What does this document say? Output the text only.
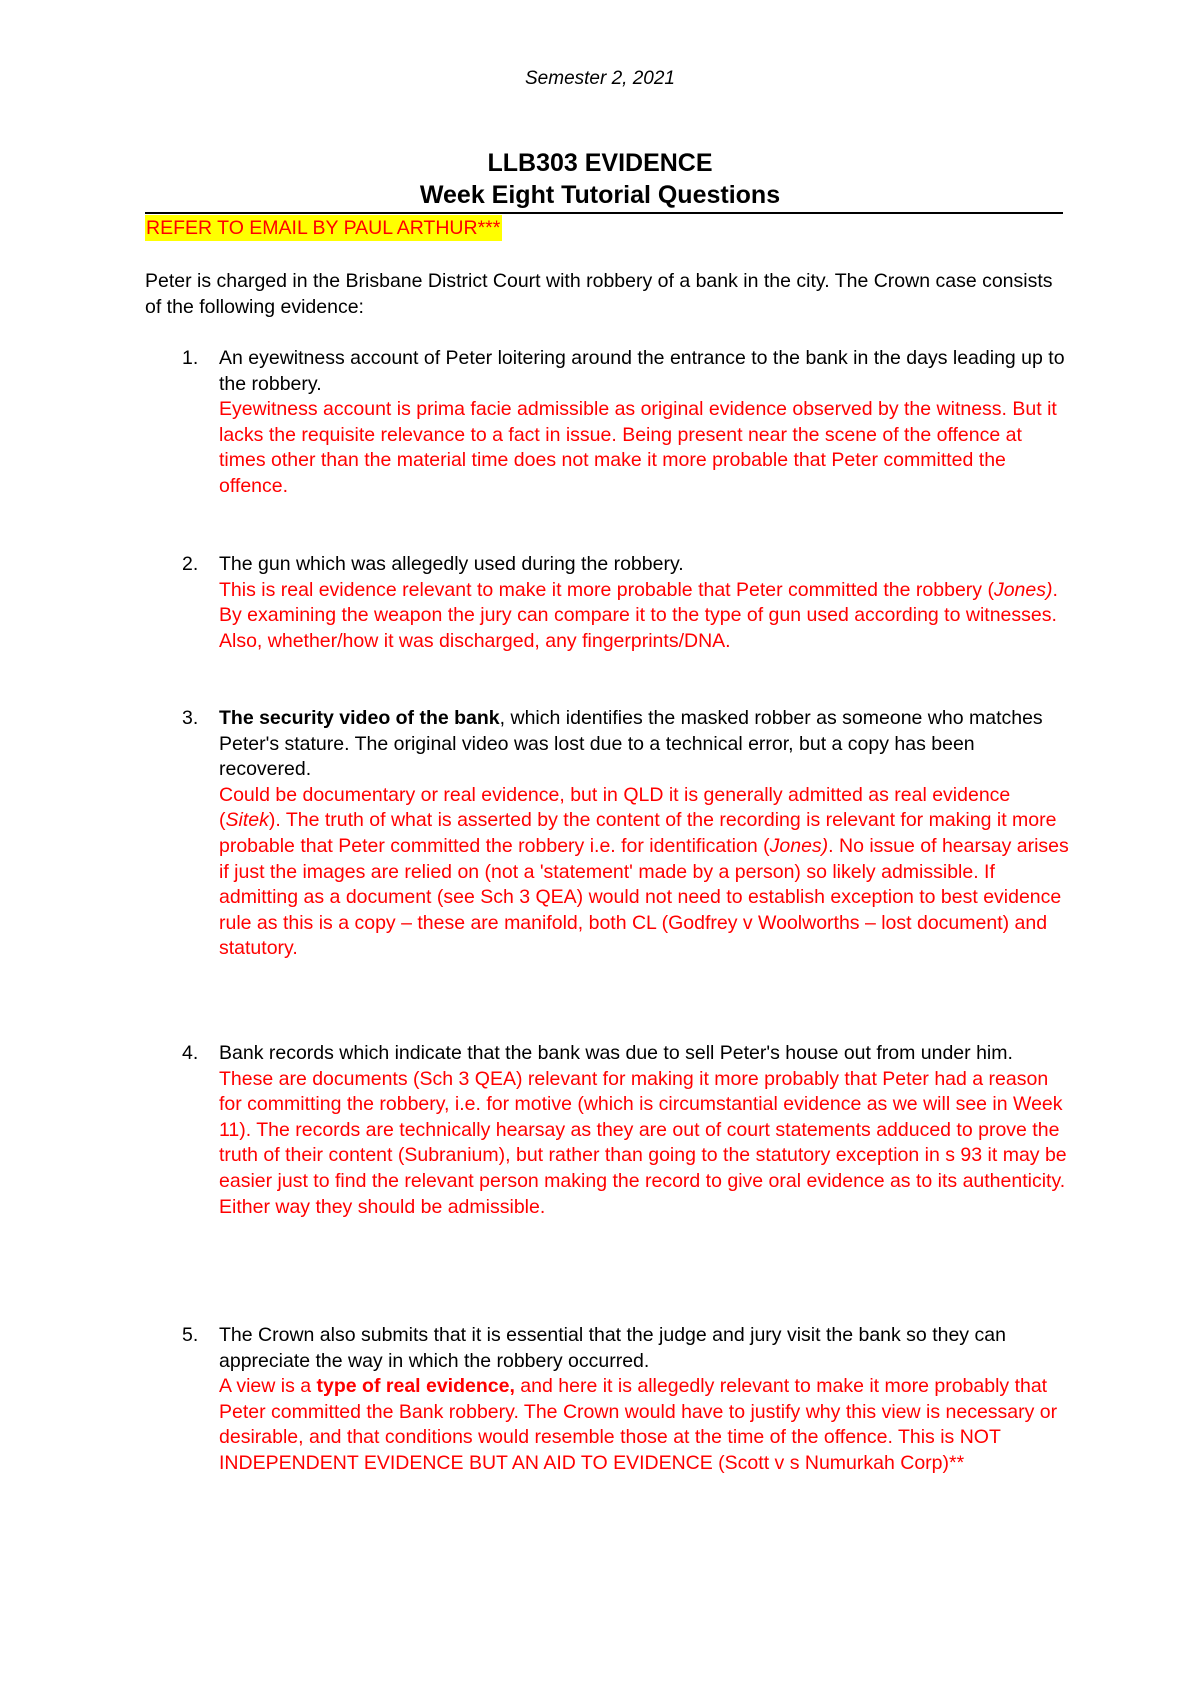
Semester 2, 2021
LLB303 EVIDENCE
Week Eight Tutorial Questions
REFER TO EMAIL BY PAUL ARTHUR***

Peter is charged in the Brisbane District Court with robbery of a bank in the city. The Crown case consists of the following evidence:

1. An eyewitness account of Peter loitering around the entrance to the bank in the days leading up to the robbery.

Eyewitness account is prima facie admissible as original evidence observed by the witness. But it lacks the requisite relevance to a fact in issue. Being present near the scene of the offence at times other than the material time does not make it more probable that Peter committed the offence.

2. The gun which was allegedly used during the robbery.

This is real evidence relevant to make it more probable that Peter committed the robbery (Jones). By examining the weapon the jury can compare it to the type of gun used according to witnesses. Also, whether/how it was discharged, any fingerprints/DNA.

3. The security video of the bank, which identifies the masked robber as someone who matches Peter's stature. The original video was lost due to a technical error, but a copy has been recovered.

Could be documentary or real evidence, but in QLD it is generally admitted as real evidence (Sitek). The truth of what is asserted by the content of the recording is relevant for making it more probable that Peter committed the robbery i.e. for identification (Jones). No issue of hearsay arises if just the images are relied on (not a 'statement' made by a person) so likely admissible. If admitting as a document (see Sch 3 QEA) would not need to establish exception to best evidence rule as this is a copy – these are manifold, both CL (Godfrey v Woolworths – lost document) and statutory.

4. Bank records which indicate that the bank was due to sell Peter's house out from under him.

These are documents (Sch 3 QEA) relevant for making it more probably that Peter had a reason for committing the robbery, i.e. for motive (which is circumstantial evidence as we will see in Week 11). The records are technically hearsay as they are out of court statements adduced to prove the truth of their content (Subranium), but rather than going to the statutory exception in s 93 it may be easier just to find the relevant person making the record to give oral evidence as to its authenticity. Either way they should be admissible.

5. The Crown also submits that it is essential that the judge and jury visit the bank so they can appreciate the way in which the robbery occurred.

A view is a type of real evidence, and here it is allegedly relevant to make it more probably that Peter committed the Bank robbery. The Crown would have to justify why this view is necessary or desirable, and that conditions would resemble those at the time of the offence. This is NOT INDEPENDENT EVIDENCE BUT AN AID TO EVIDENCE (Scott v s Numurkah Corp)**
